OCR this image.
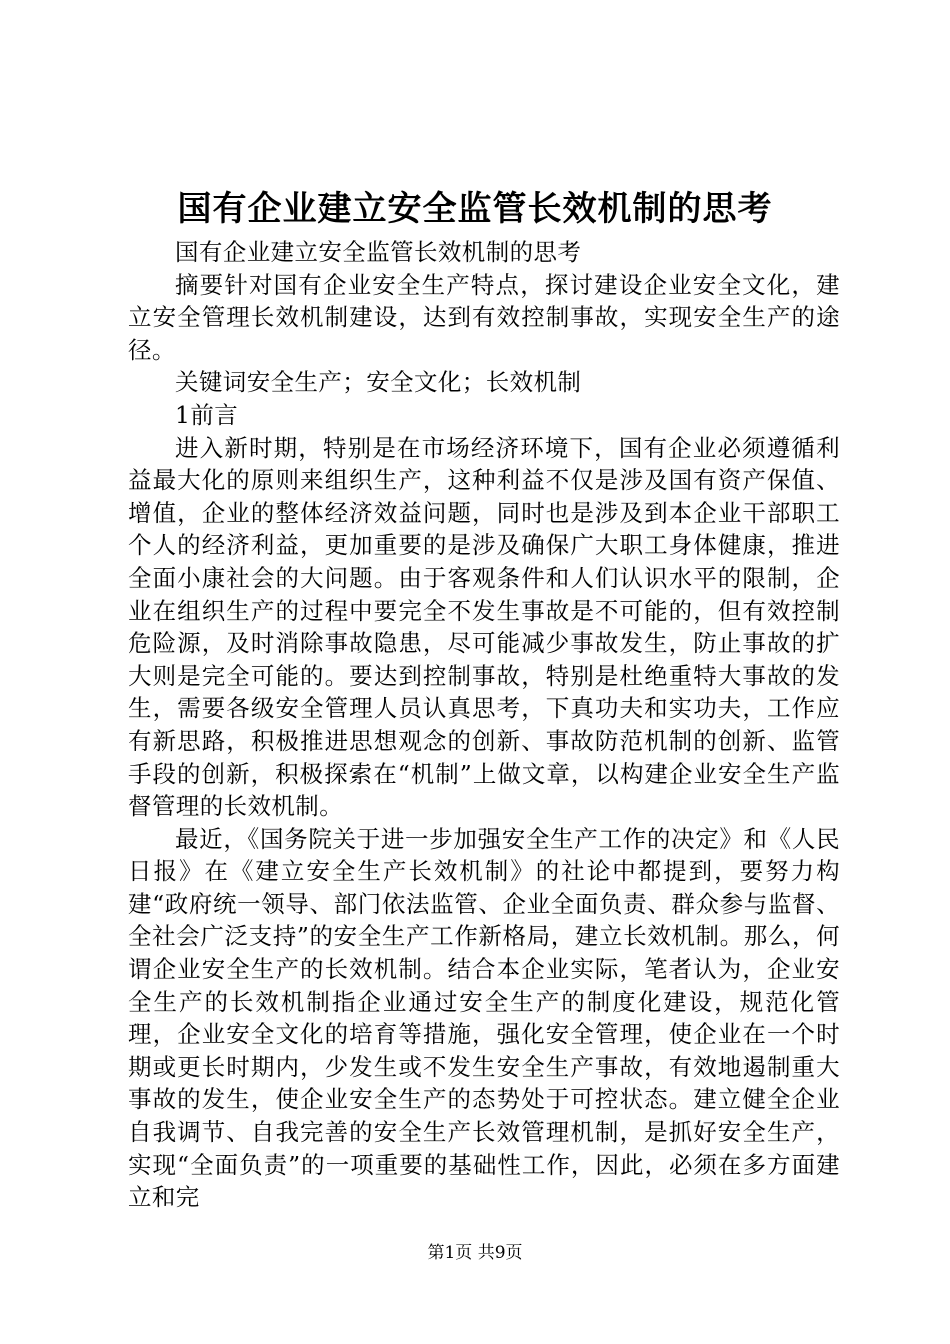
国有企业建立安全监管长效机制的思考

国有企业建立安全监管长效机制的思考

摘要针对国有企业安全生产特点，探讨建设企业安全文化，建立安全管理长效机制建设，达到有效控制事故，实现安全生产的途径。

关键词安全生产；安全文化；长效机制

1前言

进入新时期，特别是在市场经济环境下，国有企业必须遵循利益最大化的原则来组织生产，这种利益不仅是涉及国有资产保值、增值，企业的整体经济效益问题，同时也是涉及到本企业干部职工个人的经济利益，更加重要的是涉及确保广大职工身体健康，推进全面小康社会的大问题。由于客观条件和人们认识水平的限制，企业在组织生产的过程中要完全不发生事故是不可能的，但有效控制危险源，及时消除事故隐患，尽可能减少事故发生，防止事故的扩大则是完全可能的。要达到控制事故，特别是杜绝重特大事故的发生，需要各级安全管理人员认真思考，下真功夫和实功夫，工作应有新思路，积极推进思想观念的创新、事故防范机制的创新、监管手段的创新，积极探索在“机制”上做文章，以构建企业安全生产监督管理的长效机制。

最近，《国务院关于进一步加强安全生产工作的决定》和《人民日报》在《建立安全生产长效机制》的社论中都提到，要努力构建“政府统一领导、部门依法监管、企业全面负责、群众参与监督、全社会广泛支持”的安全生产工作新格局，建立长效机制。那么，何谓企业安全生产的长效机制。结合本企业实际，笔者认为，企业安全生产的长效机制指企业通过安全生产的制度化建设，规范化管理，企业安全文化的培育等措施，强化安全管理，使企业在一个时期或更长时期内，少发生或不发生安全生产事故，有效地遏制重大事故的发生，使企业安全生产的态势处于可控状态。建立健全企业自我调节、自我完善的安全生产长效管理机制，是抓好安全生产，实现“全面负责”的一项重要的基础性工作，因此，必须在多方面建立和完

第1页 共9页
